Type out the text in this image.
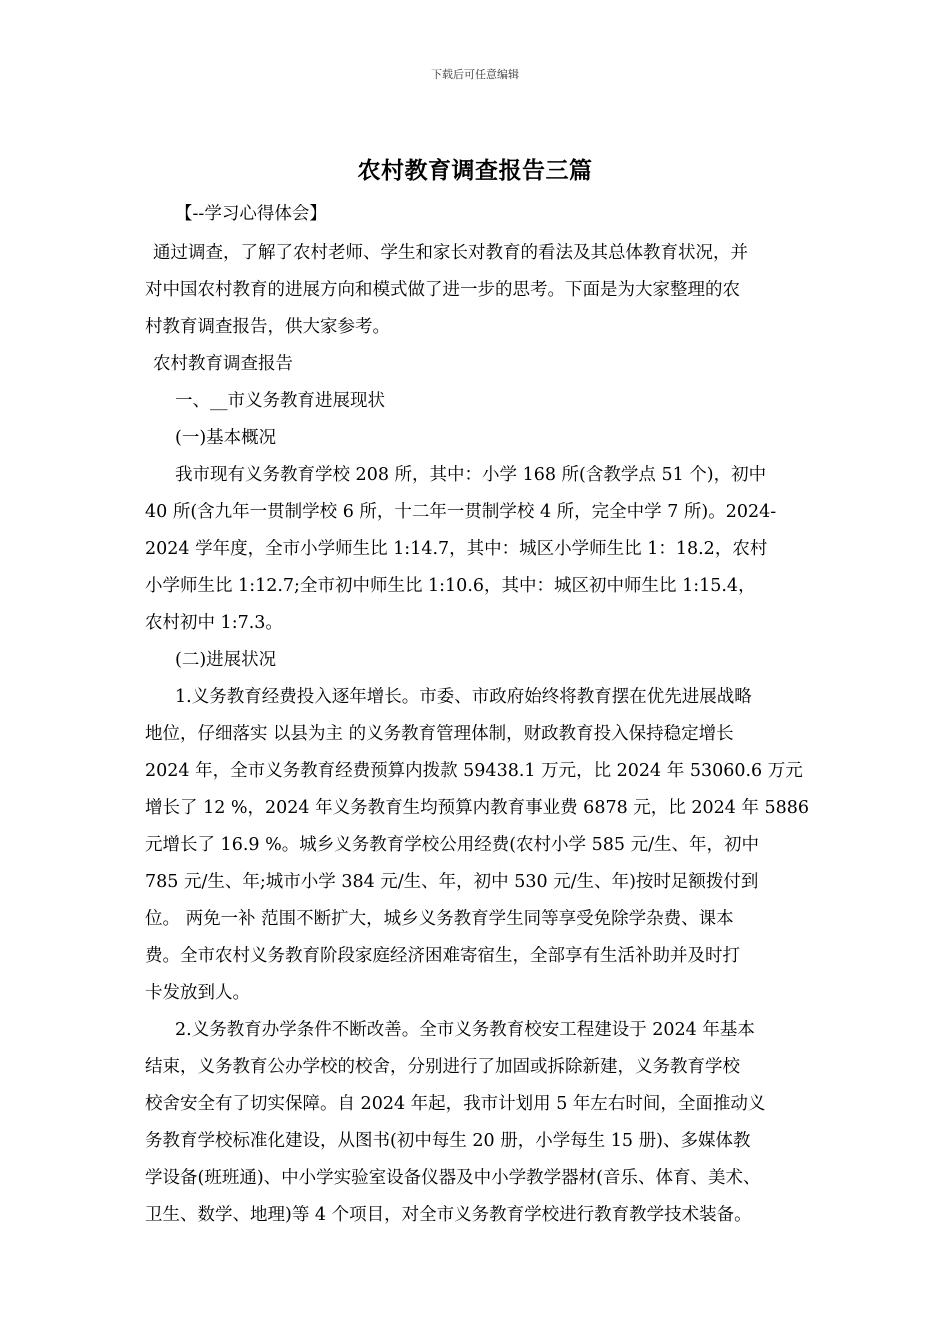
下载后可任意编辑
农村教育调查报告三篇
【--学习心得体会】
通过调查，了解了农村老师、学生和家长对教育的看法及其总体教育状况，并
对中国农村教育的进展方向和模式做了进一步的思考。下面是为大家整理的农
村教育调查报告，供大家参考。
农村教育调查报告
一、__市义务教育进展现状
(一)基本概况
我市现有义务教育学校 208 所，其中：小学 168 所(含教学点 51 个)，初中
40 所(含九年一贯制学校 6 所，十二年一贯制学校 4 所，完全中学 7 所)。2024-
2024 学年度，全市小学师生比 1:14.7，其中：城区小学师生比 1：18.2，农村
小学师生比 1:12.7;全市初中师生比 1:10.6，其中：城区初中师生比 1:15.4，
农村初中 1:7.3。
(二)进展状况
1.义务教育经费投入逐年增长。市委、市政府始终将教育摆在优先进展战略
地位，仔细落实 以县为主 的义务教育管理体制，财政教育投入保持稳定增长
2024 年，全市义务教育经费预算内拨款 59438.1 万元，比 2024 年 53060.6 万元
增长了 12 %，2024 年义务教育生均预算内教育事业费 6878 元，比 2024 年 5886
元增长了 16.9 %。城乡义务教育学校公用经费(农村小学 585 元/生、年，初中
785 元/生、年;城市小学 384 元/生、年，初中 530 元/生、年)按时足额拨付到
位。 两免一补 范围不断扩大，城乡义务教育学生同等享受免除学杂费、课本
费。全市农村义务教育阶段家庭经济困难寄宿生，全部享有生活补助并及时打
卡发放到人。
2.义务教育办学条件不断改善。全市义务教育校安工程建设于 2024 年基本
结束，义务教育公办学校的校舍，分别进行了加固或拆除新建，义务教育学校
校舍安全有了切实保障。自 2024 年起，我市计划用 5 年左右时间，全面推动义
务教育学校标准化建设，从图书(初中每生 20 册，小学每生 15 册)、多媒体教
学设备(班班通)、中小学实验室设备仪器及中小学教学器材(音乐、体育、美术、
卫生、数学、地理)等 4 个项目，对全市义务教育学校进行教育教学技术装备。
